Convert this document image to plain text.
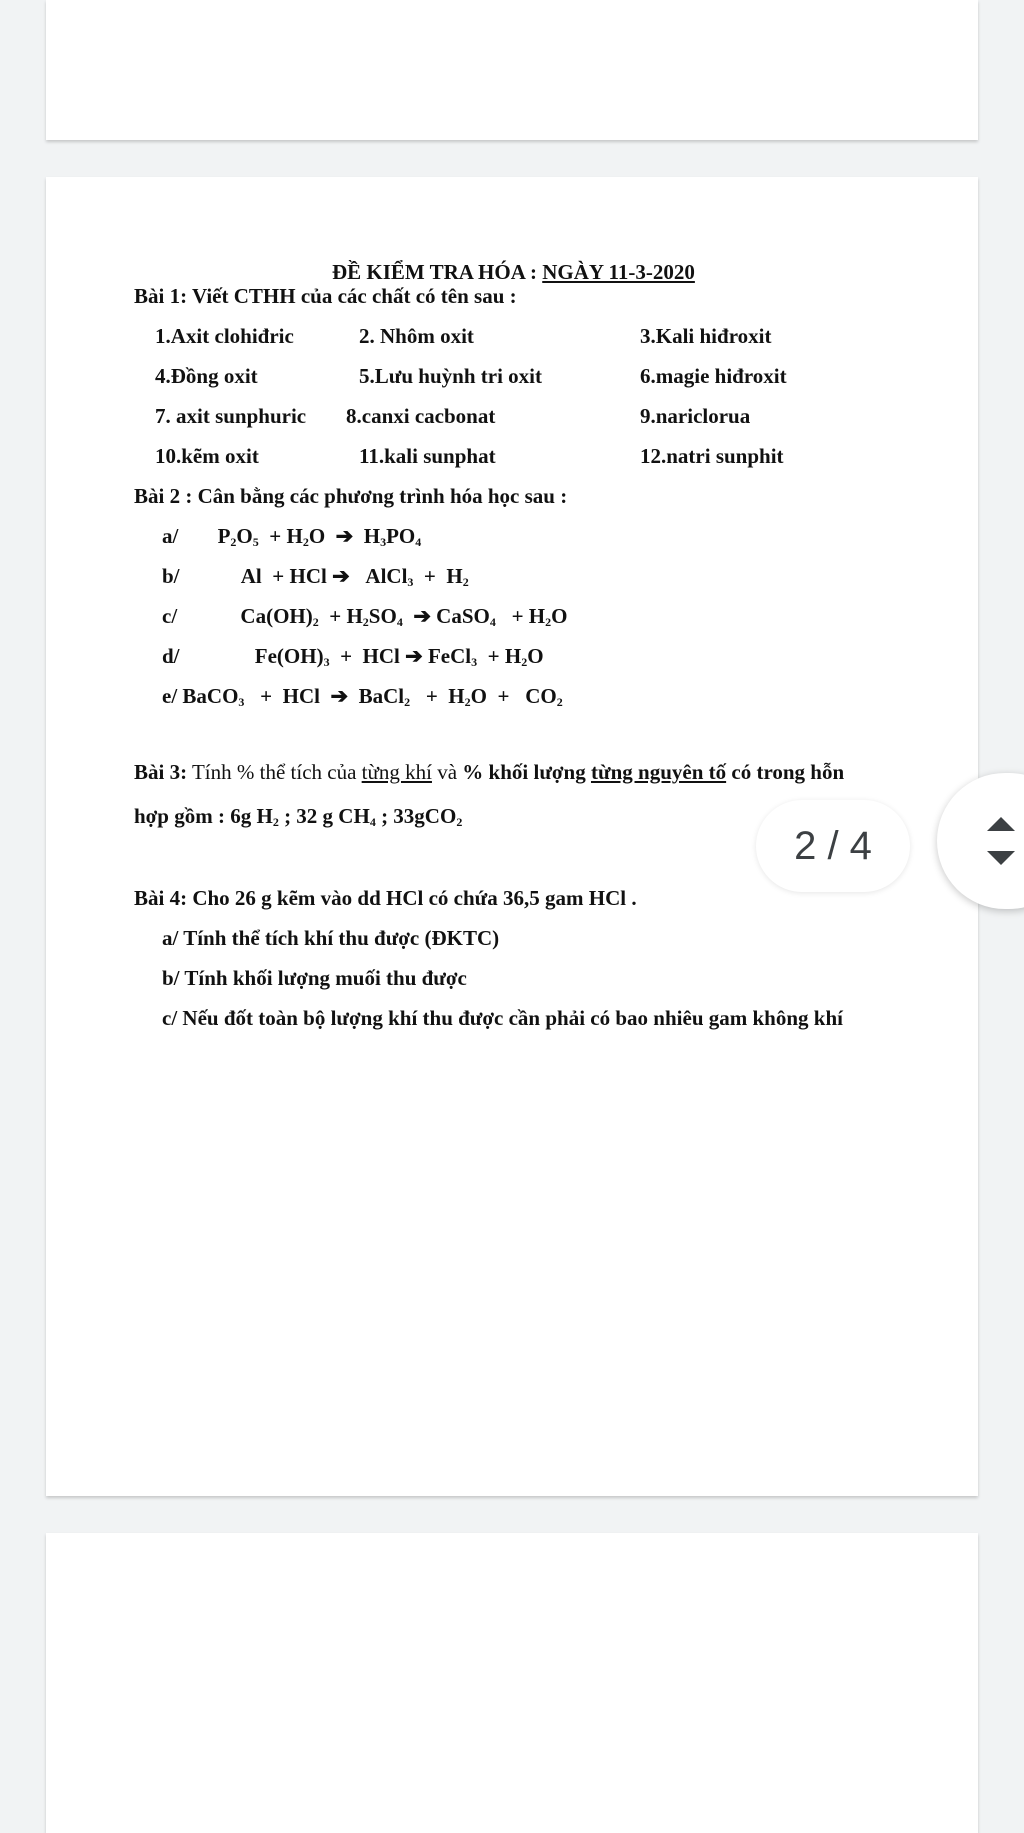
ĐỀ KIỂM TRA HÓA : NGÀY 11-3-2020
Bài 1: Viết CTHH của các chất có tên sau :
1.Axit clohiđric	2. Nhôm oxit	3.Kali hiđroxit
4.Đồng oxit	5.Lưu huỳnh tri oxit	6.magie hiđroxit
7. axit sunphuric 8.canxi cacbonat	9.nariclorua
10.kẽm oxit	11.kali sunphat	12.natri sunphit
Bài 2 : Cân bằng các phương trình hóa học sau :
a/ $P_2O_5 + H_2O$  ➔  $H_3PO_4$
b/	Al  + HCl ➔   AlCl$_3$  +  $H_2$
c/	$Ca(OH)_2 + H_2SO_4$  ➔ CaSO$_4$   + $H_2O$
d/	$Fe(OH)_3$  +  HCl ➔ FeCl$_3$  + $H_2O$
e/ BaCO$_3$   +  HCl  ➔  BaCl$_2$   +  $H_2O + CO_2$
Bài 3: Tính % thể tích của từng khí và % khối lượng từng nguyên tố có trong hỗn
hợp gồm : 6g $H_2$ ; 32 g $CH_4$ ; 33gCO$_2$
Bài 4: Cho 26 g kẽm vào dd HCl có chứa 36,5 gam HCl .
a/ Tính thể tích khí thu được (ĐKTC)
b/ Tính khối lượng muối thu được
c/ Nếu đốt toàn bộ lượng khí thu được cần phải có bao nhiêu gam không khí
2 / 4
